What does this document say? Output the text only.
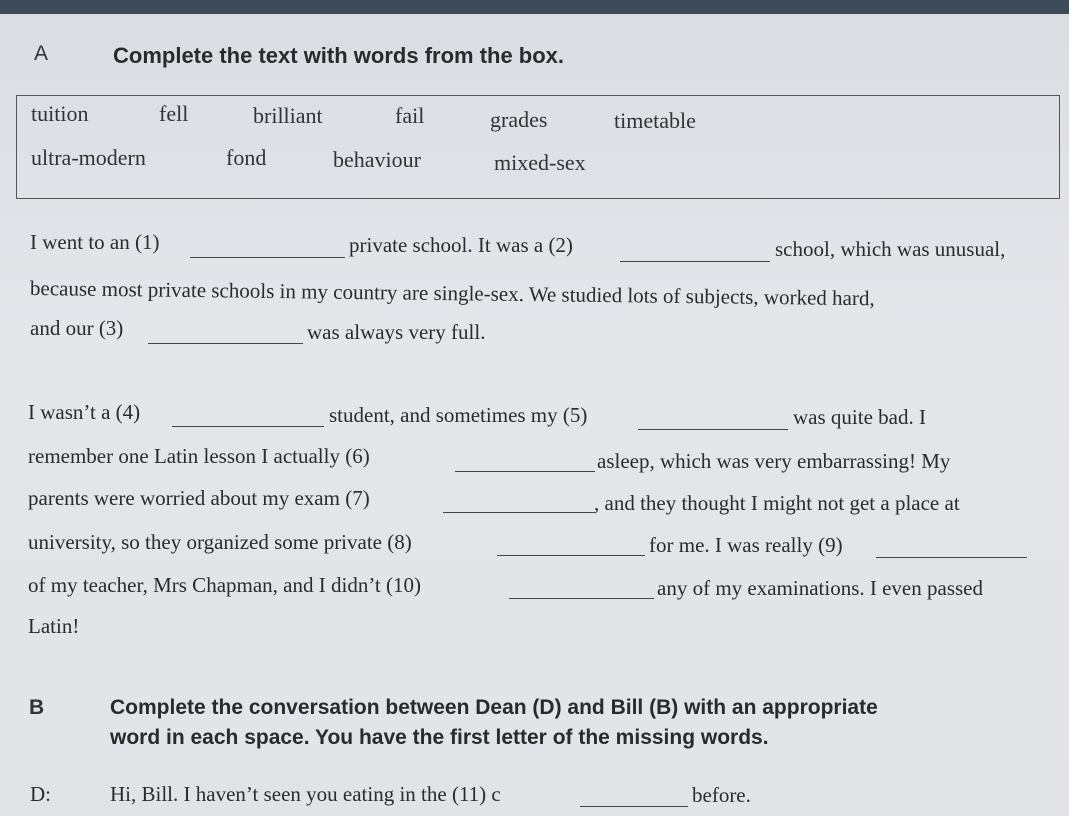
A	Complete the text with words from the box.
tuition	fell	brilliant	fail	grades	timetable
ultra-modern	fond	behaviour	mixed-sex
I went to an (1)	private school. It was a (2)	school, which was unusual,
because most private schools in my country are single-sex. We studied lots of subjects, worked hard,
and our (3)	was always very full.
I wasn’t a (4)	student, and sometimes my (5)	was quite bad. I
remember one Latin lesson I actually (6)	asleep, which was very embarrassing! My
parents were worried about my exam (7)	, and they thought I might not get a place at
university, so they organized some private (8)	for me. I was really (9)
of my teacher, Mrs Chapman, and I didn’t (10)	any of my examinations. I even passed
Latin!
B	Complete the conversation between Dean (D) and Bill (B) with an appropriate
word in each space. You have the first letter of the missing words.
D:	Hi, Bill. I haven’t seen you eating in the (11) c	before.
